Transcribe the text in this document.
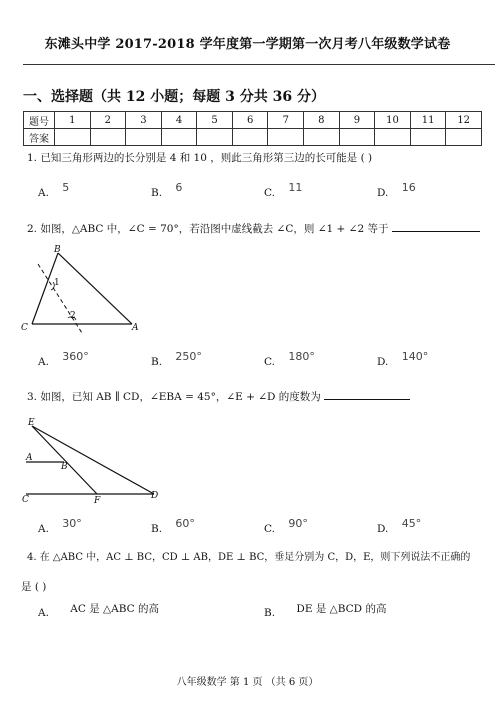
东滩头中学 2017-2018 学年度第一学期第一次月考八年级数学试卷
一、选择题（共 12 小题；每题 3 分共 36 分）
题号	1	2	3	4	5	6	7	8	9	10	11	12
答案												
1. 已知三角形两边的长分别是 4 和 10 ，则此三角形第三边的长可能是 ( )
A. 5	B. 6	C. 11	D. 16
2. 如图，△ABC 中，∠C = 70°，若沿图中虚线截去 ∠C，则 ∠1 + ∠2 等于
B
C	A
1
2
A. 360°	B. 250°	C. 180°	D. 140°
3. 如图，已知 AB ∥ CD，∠EBA = 45°，∠E + ∠D 的度数为
E
A
B
C	F	D
A. 30°	B. 60°	C. 90°	D. 45°
4. 在 △ABC 中，AC ⊥ BC，CD ⊥ AB，DE ⊥ BC，垂足分别为 C，D，E，则下列说法不正确的
是 ( )
A. AC 是 △ABC 的高	B. DE 是 △BCD 的高
八年级数学 第 1 页 （共 6 页）
